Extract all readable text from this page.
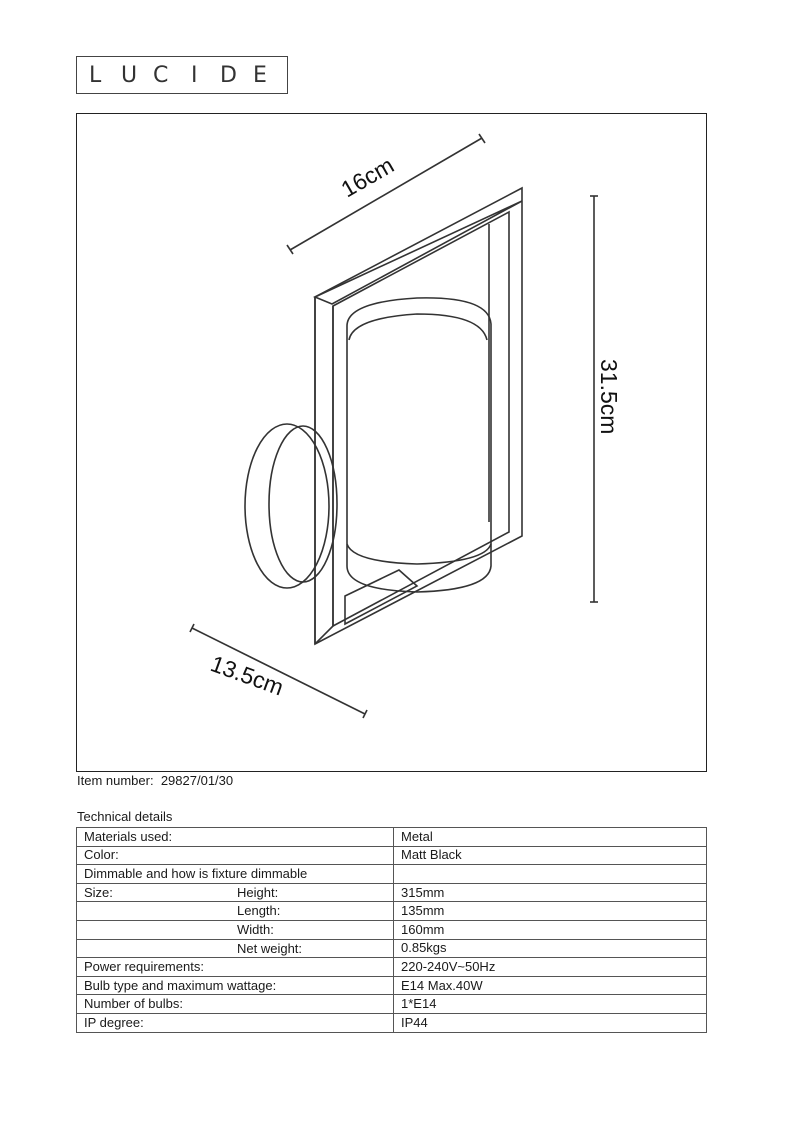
L U C I D E
16cm
31.5cm
13.5cm
Item number: 29827/01/30
Technical details
Materials used:	Metal
Color:	Matt Black
Dimmable and how is fixture dimmable

Size: Height:	315mm

Length:	135mm

Width:	160mm

Net weight:	0.85kgs
Power requirements:	220-240V~50Hz
Bulb type and maximum wattage:	E14 Max.40W
Number of bulbs:	1*E14
IP degree:	IP44
